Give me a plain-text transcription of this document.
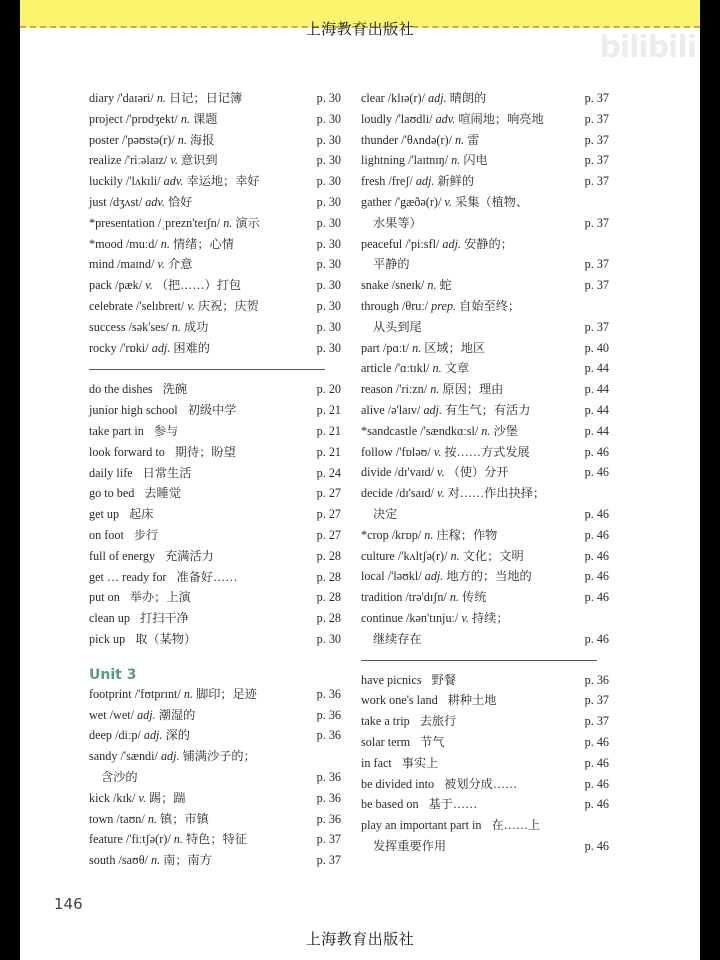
上海教育出版社
bilibili
diary /'daɪəri/ n. 日记；日记簿	p. 30
project /'prɒdʒekt/ n. 课题	p. 30
poster /'pəʊstə(r)/ n. 海报	p. 30
realize /'riːəlaɪz/ v. 意识到	p. 30
luckily /'lʌkɪli/ adv. 幸运地；幸好	p. 30
just /dʒʌst/ adv. 恰好	p. 30
*presentation /ˌprezn'teɪʃn/ n. 演示	p. 30
*mood /muːd/ n. 情绪；心情	p. 30
mind /maɪnd/ v. 介意	p. 30
pack /pæk/ v. （把……）打包	p. 30
celebrate /'selɪbreɪt/ v. 庆祝；庆贺	p. 30
success /sək'ses/ n. 成功	p. 30
rocky /'rɒki/ adj. 困难的	p. 30
do the dishes 洗碗	p. 20
junior high school 初级中学	p. 21
take part in 参与	p. 21
look forward to 期待；盼望	p. 21
daily life 日常生活	p. 24
go to bed 去睡觉	p. 27
get up 起床	p. 27
on foot 步行	p. 27
full of energy 充满活力	p. 28
get … ready for 准备好……	p. 28
put on 举办；上演	p. 28
clean up 打扫干净	p. 28
pick up 取（某物）	p. 30
Unit 3
footprint /'fʊtprɪnt/ n. 脚印；足迹	p. 36
wet /wet/ adj. 潮湿的	p. 36
deep /diːp/ adj. 深的	p. 36
sandy /'sændi/ adj. 铺满沙子的；
含沙的	p. 36
kick /kɪk/ v. 踢；踹	p. 36
town /taʊn/ n. 镇；市镇	p. 36
feature /'fiːtʃə(r)/ n. 特色；特征	p. 37
south /saʊθ/ n. 南；南方	p. 37
clear /klɪə(r)/ adj. 晴朗的	p. 37
loudly /'laʊdli/ adv. 喧闹地；响亮地	p. 37
thunder /'θʌndə(r)/ n. 雷	p. 37
lightning /'laɪtnɪŋ/ n. 闪电	p. 37
fresh /freʃ/ adj. 新鲜的	p. 37
gather /'gæðə(r)/ v. 采集（植物、
水果等）	p. 37
peaceful /'piːsfl/ adj. 安静的；
平静的	p. 37
snake /sneɪk/ n. 蛇	p. 37
through /θruː/ prep. 自始至终；
从头到尾	p. 37
part /pɑːt/ n. 区域；地区	p. 40
article /'ɑːtɪkl/ n. 文章	p. 44
reason /'riːzn/ n. 原因；理由	p. 44
alive /ə'laɪv/ adj. 有生气；有活力	p. 44
*sandcastle /'sændkɑːsl/ n. 沙堡	p. 44
follow /'fɒləʊ/ v. 按……方式发展	p. 46
divide /dɪ'vaɪd/ v. （使）分开	p. 46
decide /dɪ'saɪd/ v. 对……作出抉择；
决定	p. 46
*crop /krɒp/ n. 庄稼；作物	p. 46
culture /'kʌltʃə(r)/ n. 文化；文明	p. 46
local /'ləʊkl/ adj. 地方的；当地的	p. 46
tradition /trə'dɪʃn/ n. 传统	p. 46
continue /kən'tɪnjuː/ v. 持续；
继续存在	p. 46
have picnics 野餐	p. 36
work one's land 耕种土地	p. 37
take a trip 去旅行	p. 37
solar term 节气	p. 46
in fact 事实上	p. 46
be divided into 被划分成……	p. 46
be based on 基于……	p. 46
play an important part in 在……上
发挥重要作用	p. 46
146
上海教育出版社
